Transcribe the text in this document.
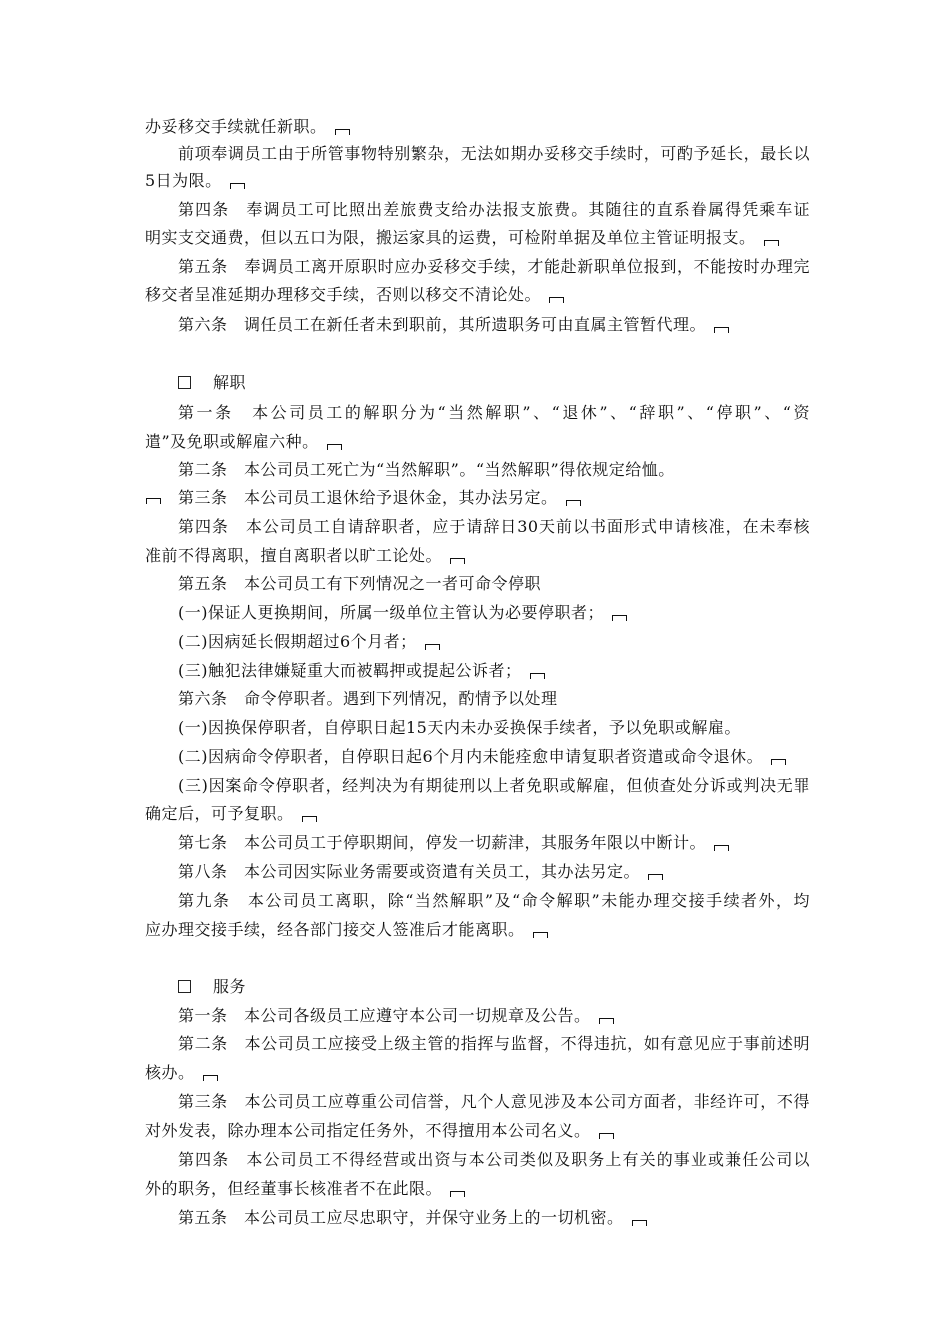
办妥移交手续就任新职。
前项奉调员工由于所管事物特别繁杂，无法如期办妥移交手续时，可酌予延长，最长以
5日为限。
第四条　奉调员工可比照出差旅费支给办法报支旅费。其随往的直系眷属得凭乘车证
明实支交通费，但以五口为限，搬运家具的运费，可检附单据及单位主管证明报支。
第五条　奉调员工离开原职时应办妥移交手续，才能赴新职单位报到，不能按时办理完
移交者呈准延期办理移交手续，否则以移交不清论处。
第六条　调任员工在新任者未到职前，其所遗职务可由直属主管暂代理。
解职
第一条　本公司员工的解职分为“当然解职”、“退休”、“辞职”、“停职”、“资
遣”及免职或解雇六种。
第二条　本公司员工死亡为“当然解职”。“当然解职”得依规定给恤。
第三条　本公司员工退休给予退休金，其办法另定。
第四条　本公司员工自请辞职者，应于请辞日30天前以书面形式申请核准，在未奉核
准前不得离职，擅自离职者以旷工论处。
第五条　本公司员工有下列情况之一者可命令停职
(一)保证人更换期间，所属一级单位主管认为必要停职者；
(二)因病延长假期超过6个月者；
(三)触犯法律嫌疑重大而被羁押或提起公诉者；
第六条　命令停职者。遇到下列情况，酌情予以处理
(一)因换保停职者，自停职日起15天内未办妥换保手续者，予以免职或解雇。
(二)因病命令停职者，自停职日起6个月内未能痊愈申请复职者资遣或命令退休。
(三)因案命令停职者，经判决为有期徒刑以上者免职或解雇，但侦查处分诉或判决无罪
确定后，可予复职。
第七条　本公司员工于停职期间，停发一切薪津，其服务年限以中断计。
第八条　本公司因实际业务需要或资遣有关员工，其办法另定。
第九条　本公司员工离职，除“当然解职”及“命令解职”未能办理交接手续者外，均
应办理交接手续，经各部门接交人签准后才能离职。
服务
第一条　本公司各级员工应遵守本公司一切规章及公告。
第二条　本公司员工应接受上级主管的指挥与监督，不得违抗，如有意见应于事前述明
核办。
第三条　本公司员工应尊重公司信誉，凡个人意见涉及本公司方面者，非经许可，不得
对外发表，除办理本公司指定任务外，不得擅用本公司名义。
第四条　本公司员工不得经营或出资与本公司类似及职务上有关的事业或兼任公司以
外的职务，但经董事长核准者不在此限。
第五条　本公司员工应尽忠职守，并保守业务上的一切机密。
